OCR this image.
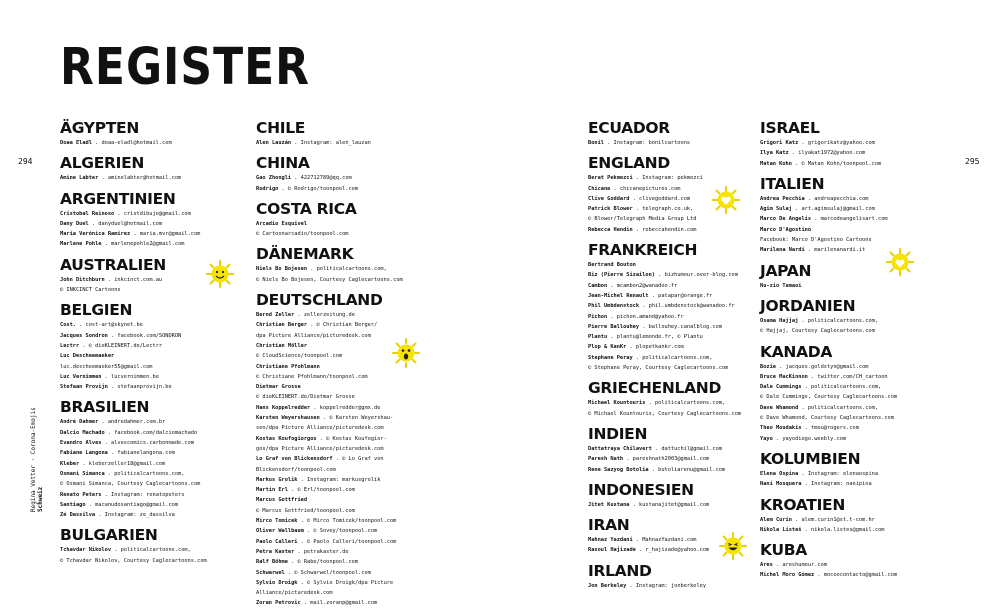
REGISTER
294	295
Regina Vetter · Corona-Emojis Schweiz
ÄGYPTEN
Doaa Eladl . doaa-eladl@hotmail.com
ALGERIEN
Amine Labter . aminelabter@hotmail.com
ARGENTINIEN
Cristobal Reinoso . cristdibujo@gmail.com
Dany Duel . danyduel@hotmail.com
María Verónica Ramírez . maria.mvr@gmail.com
Marlene Pohle . marlenepohle2@gmail.com
AUSTRALIEN
John Ditchburn . inkcinct.com.au
© INKCINCT Cartoons
BELGIEN
Cost. . cost-art@skynet.be
Jacques Sondron . facebook.com/SONDRON
Lectrr . © dieKLEINERT.de/Lectrr
Luc Descheemaeker
luc.descheemaeker55@gmail.com
Luc Vernimmen . lucvernimmen.be
Stefaan Provijn . stefaanprovijn.be
BRASILIEN
André Dahmer . andredahmer.com.br
Dalcio Machado . facebook.com/dalciomachado
Evandro Alves . alvescomics.carbonmade.com
Fabiane Langona . fabianelangona.com
Kleber . kleberzeller18@gmail.com
Osmani Simanca . politicalcartoons.com,
© Osmani Simanca, Courtesy Caglecartoons.com
Renato Peters . Instagram: renatopeters
Santiago . macanudosantiago@gmail.com
Zé Dassilva . Instagram: ze_dassilva
BULGARIEN
Tchavdar Nikolov . politicalcartoons.com,
© Tchavdar Nikolov, Courtesy Caglecartoons.com
CHILE
Alen Lauzán . Instagram: alen_lauzan
CHINA
Gao Zhongli . 422712789@qq.com
Rodrigo . © Rodrigo/toonpool.com
COSTA RICA
Arcadio Esquivel
© Cartoonarcadio/toonpool.com
DÄNEMARK
Niels Bo Bojesen . politicalcartoons.com,
© Niels Bo Bojesen, Courtesy Caglecartoons.com
DEUTSCHLAND
Bernd Zeller . zellerzeitung.de
Christian Berger . © Christian Berger/
dpa Picture Alliance/picturedesk.com
Christian Möller
© CloudScience/toonpool.com
Christiane Pfohlmann
© Christiane Pfohlmann/toonpool.com
Dietmar Grosse
© dieKLEINERT.de/Dietmar Grosse
Hans Koppelredder . koppelredder@gmx.de
Karsten Weyershausen . © Karsten Weyershau-
sen/dpa Picture Alliance/picturedesk.com
Kostas Koufogiorgos . © Kostas Koufogior-
gos/dpa Picture Alliance/picturedesk.com
Lo Graf von Blickensdorf . © Lo Graf von
Blickensdorf/toonpool.com
Markus Grolik . Instagram: markusgrolik
Martin Erl . © Erl/toonpool.com
Marcus Gottfried
© Marcus Gottfried/toonpool.com
Mirco Tomicek . © Mirco Tomicek/toonpool.com
Oliver Wallbaum . © Sovey/toonpool.com
Paolo Calleri . © Paolo Calleri/toonpool.com
Petra Kaster . petrakaster.de
Ralf Böhme . © Rabe/toonpool.com
Schwarwel . © Schwarwel/toonpool.com
Sylvio Droigk . © Sylvio Droigk/dpa Picture
Alliance/picturedesk.com
Zoran Petrovic . mail.zoranp@gmail.com
ECUADOR
Bonil . Instagram: bonilcartoons
ENGLAND
Berat Pekmezci . Instagram: pekmezci
Chicane . chicanepictures.com
Clive Goddard . clivegoddard.com
Patrick Blower . telegraph.co.uk,
© Blower/Telegraph Media Group Ltd
Rebecca Hendin . rebeccahendin.com
FRANKREICH
Bertrand Bouton
Biz (Pierre Sizailon) . bizhumour.over-blog.com
Cambon . mcambon2@wanadoo.fr
Jean-Michel Renault . patapar@orange.fr
Phil Umbdenstock . phil.umbdenstock@wanadoo.fr
Pichon . pichon.amand@yahoo.fr
Pierre Ballouhey . ballouhey.canalblog.com
Plantu . plantu@lemonde.fr, © Plantu
Plop & KanKr . plopetkankr.com
Stephane Peray . politicalcartoons.com,
© Stephane Peray, Courtesy Caglecartoons.com
GRIECHENLAND
Michael Kountouris . politicalcartoons.com,
© Michael Kountouris, Courtesy Caglecartoons.com
INDIEN
Dattatraya Chilavert . dattuchil@gmail.com
Paresh Nath . pareshnath2003@gmail.com
Rene Sazyog Botolia . butoliarenu@gmail.com
INDONESIEN
Jitet Kustana . kustanajitet@gmail.com
IRAN
Mahnaz Yazdani . MahnazYazdani.com
Rasoul Hajizade . r_hajizade@yahoo.com
IRLAND
Jon Berkeley . Instagram: jonberkeley
ISRAEL
Grigori Katz . grigorikatz@yahoo.com
Ilya Katz . ilyakat1972@yahoo.com
Matan Kohn . © Matan Kohn/toonpool.com
ITALIEN
Andrea Pecchia . andreapecchia.com
Agim Sulaj . art.agimsulaj@gmail.com
Marco De Angelis . marcodeangelisart.com
Marco D'Agostino
Facebook: Marco D'Agostino Cartoons
Marilena Nardi . marilenanardi.it
JAPAN
Nu-zio Tamaoi
JORDANIEN
Osama Hajjaj . politicalcartoons.com,
© Hajjaj, Courtesy Caglecartoons.com
KANADA
Bozie . jacques.goldstyn@gmail.com
Bruce MacKinnon . twitter.com/CH_cartoon
Dale Cummings . politicalcartoons.com,
© Dale Cummings, Courtesy Caglecartoons.com
Dave Whamond . politicalcartoons.com,
© Dave Whamond, Courtesy Caglecartoons.com
Theo Moudakis . tmou@rogers.com
Yayo . yayodiego.weebly.com
KOLUMBIEN
Elena Ospina . Instagram: elenaospina
Nani Mosquera . Instagram: nanipina
KROATIEN
Alem Curin . alem.curin1@st.t-com.hr
Nikola Listeš . nikola.listes@gmail.com
KUBA
Ares . areshumour.com
Michel Moro Gómez . mocoocontacto@gmail.com
